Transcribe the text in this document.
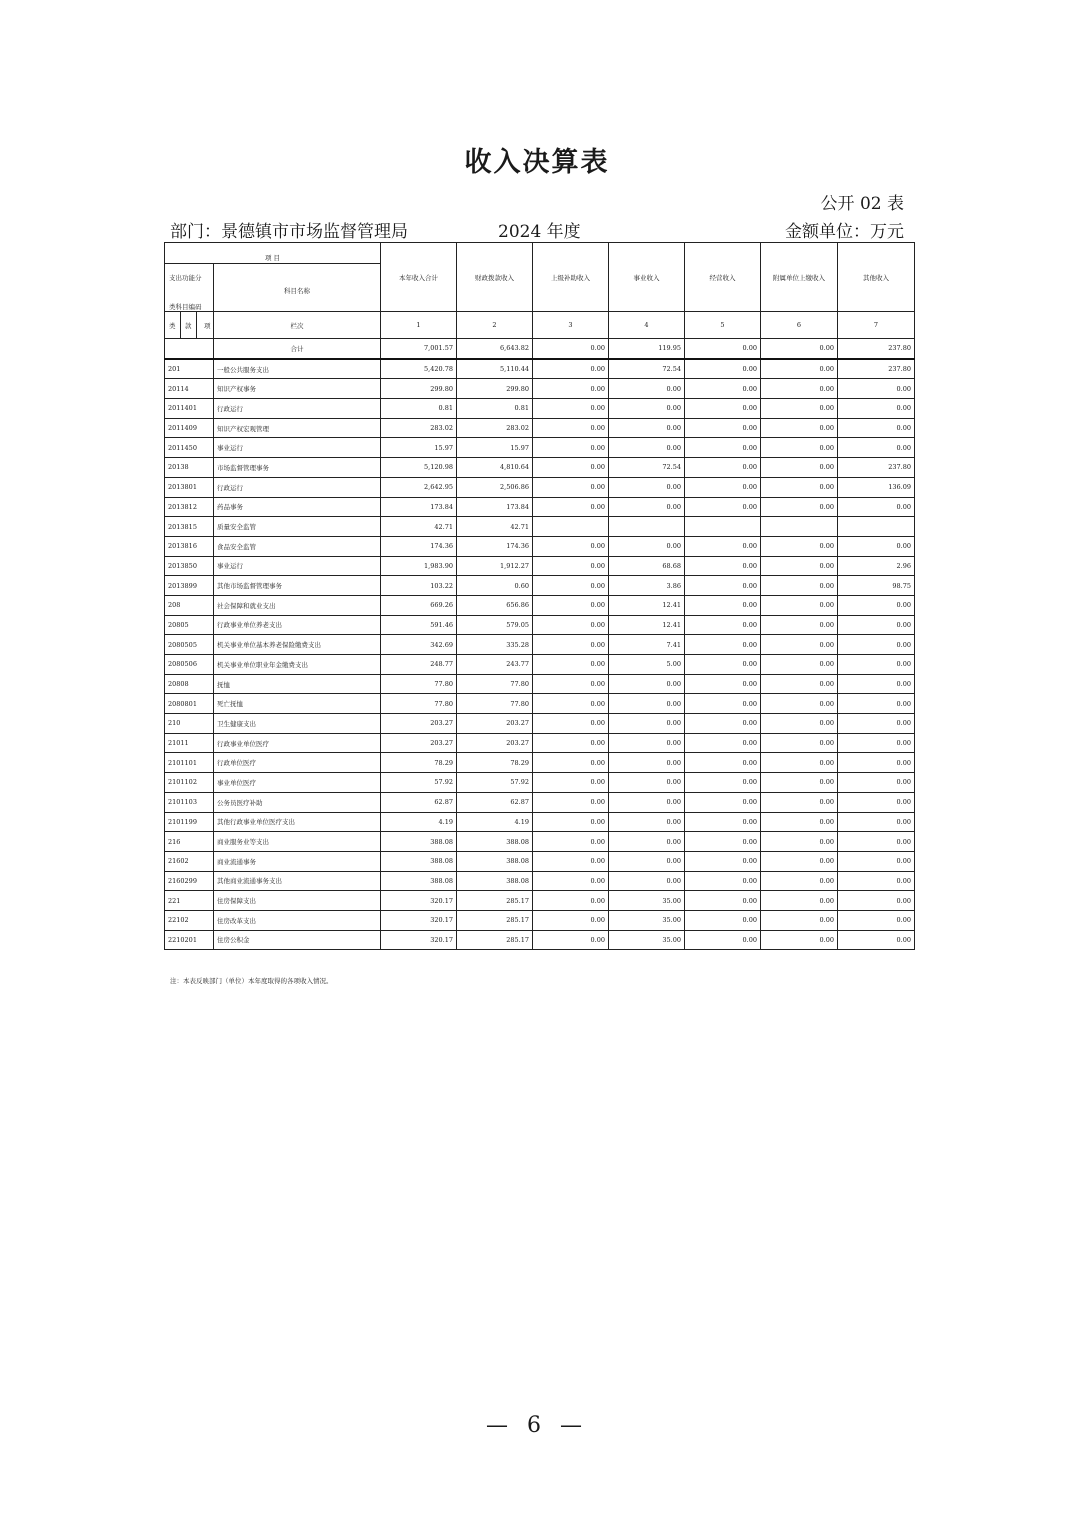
收入决算表
公开 02 表
部门：景德镇市市场监督管理局	2024 年度	金额单位：万元
项 目
支出功能分
类科目编码
科目名称		本年收入合计	财政拨款收入	上级补助收入	事业收入	经营收入	附属单位上缴收入	其他收入

类 款 项	栏次	1	2	3	4	5	6	7
	合计	7,001.57	6,643.82	0.00	119.95	0.00	0.00	237.80
201	一般公共服务支出	5,420.78	5,110.44	0.00	72.54	0.00	0.00	237.80
20114	知识产权事务	299.80	299.80	0.00	0.00	0.00	0.00	0.00
2011401	行政运行	0.81	0.81	0.00	0.00	0.00	0.00	0.00
2011409	知识产权宏观管理	283.02	283.02	0.00	0.00	0.00	0.00	0.00
2011450	事业运行	15.97	15.97	0.00	0.00	0.00	0.00	0.00
20138	市场监督管理事务	5,120.98	4,810.64	0.00	72.54	0.00	0.00	237.80
2013801	行政运行	2,642.95	2,506.86	0.00	0.00	0.00	0.00	136.09
2013812	药品事务	173.84	173.84	0.00	0.00	0.00	0.00	0.00
2013815	质量安全监管	42.71	42.71					
2013816	食品安全监管	174.36	174.36	0.00	0.00	0.00	0.00	0.00
2013850	事业运行	1,983.90	1,912.27	0.00	68.68	0.00	0.00	2.96
2013899	其他市场监督管理事务	103.22	0.60	0.00	3.86	0.00	0.00	98.75
208	社会保障和就业支出	669.26	656.86	0.00	12.41	0.00	0.00	0.00
20805	行政事业单位养老支出	591.46	579.05	0.00	12.41	0.00	0.00	0.00
2080505	机关事业单位基本养老保险缴费支出	342.69	335.28	0.00	7.41	0.00	0.00	0.00
2080506	机关事业单位职业年金缴费支出	248.77	243.77	0.00	5.00	0.00	0.00	0.00
20808	抚恤	77.80	77.80	0.00	0.00	0.00	0.00	0.00
2080801	死亡抚恤	77.80	77.80	0.00	0.00	0.00	0.00	0.00
210	卫生健康支出	203.27	203.27	0.00	0.00	0.00	0.00	0.00
21011	行政事业单位医疗	203.27	203.27	0.00	0.00	0.00	0.00	0.00
2101101	行政单位医疗	78.29	78.29	0.00	0.00	0.00	0.00	0.00
2101102	事业单位医疗	57.92	57.92	0.00	0.00	0.00	0.00	0.00
2101103	公务员医疗补助	62.87	62.87	0.00	0.00	0.00	0.00	0.00
2101199	其他行政事业单位医疗支出	4.19	4.19	0.00	0.00	0.00	0.00	0.00
216	商业服务业等支出	388.08	388.08	0.00	0.00	0.00	0.00	0.00
21602	商业流通事务	388.08	388.08	0.00	0.00	0.00	0.00	0.00
2160299	其他商业流通事务支出	388.08	388.08	0.00	0.00	0.00	0.00	0.00
221	住房保障支出	320.17	285.17	0.00	35.00	0.00	0.00	0.00
22102	住房改革支出	320.17	285.17	0.00	35.00	0.00	0.00	0.00
2210201	住房公积金	320.17	285.17	0.00	35.00	0.00	0.00	0.00
注：本表反映部门（单位）本年度取得的各项收入情况。
— 6 —
